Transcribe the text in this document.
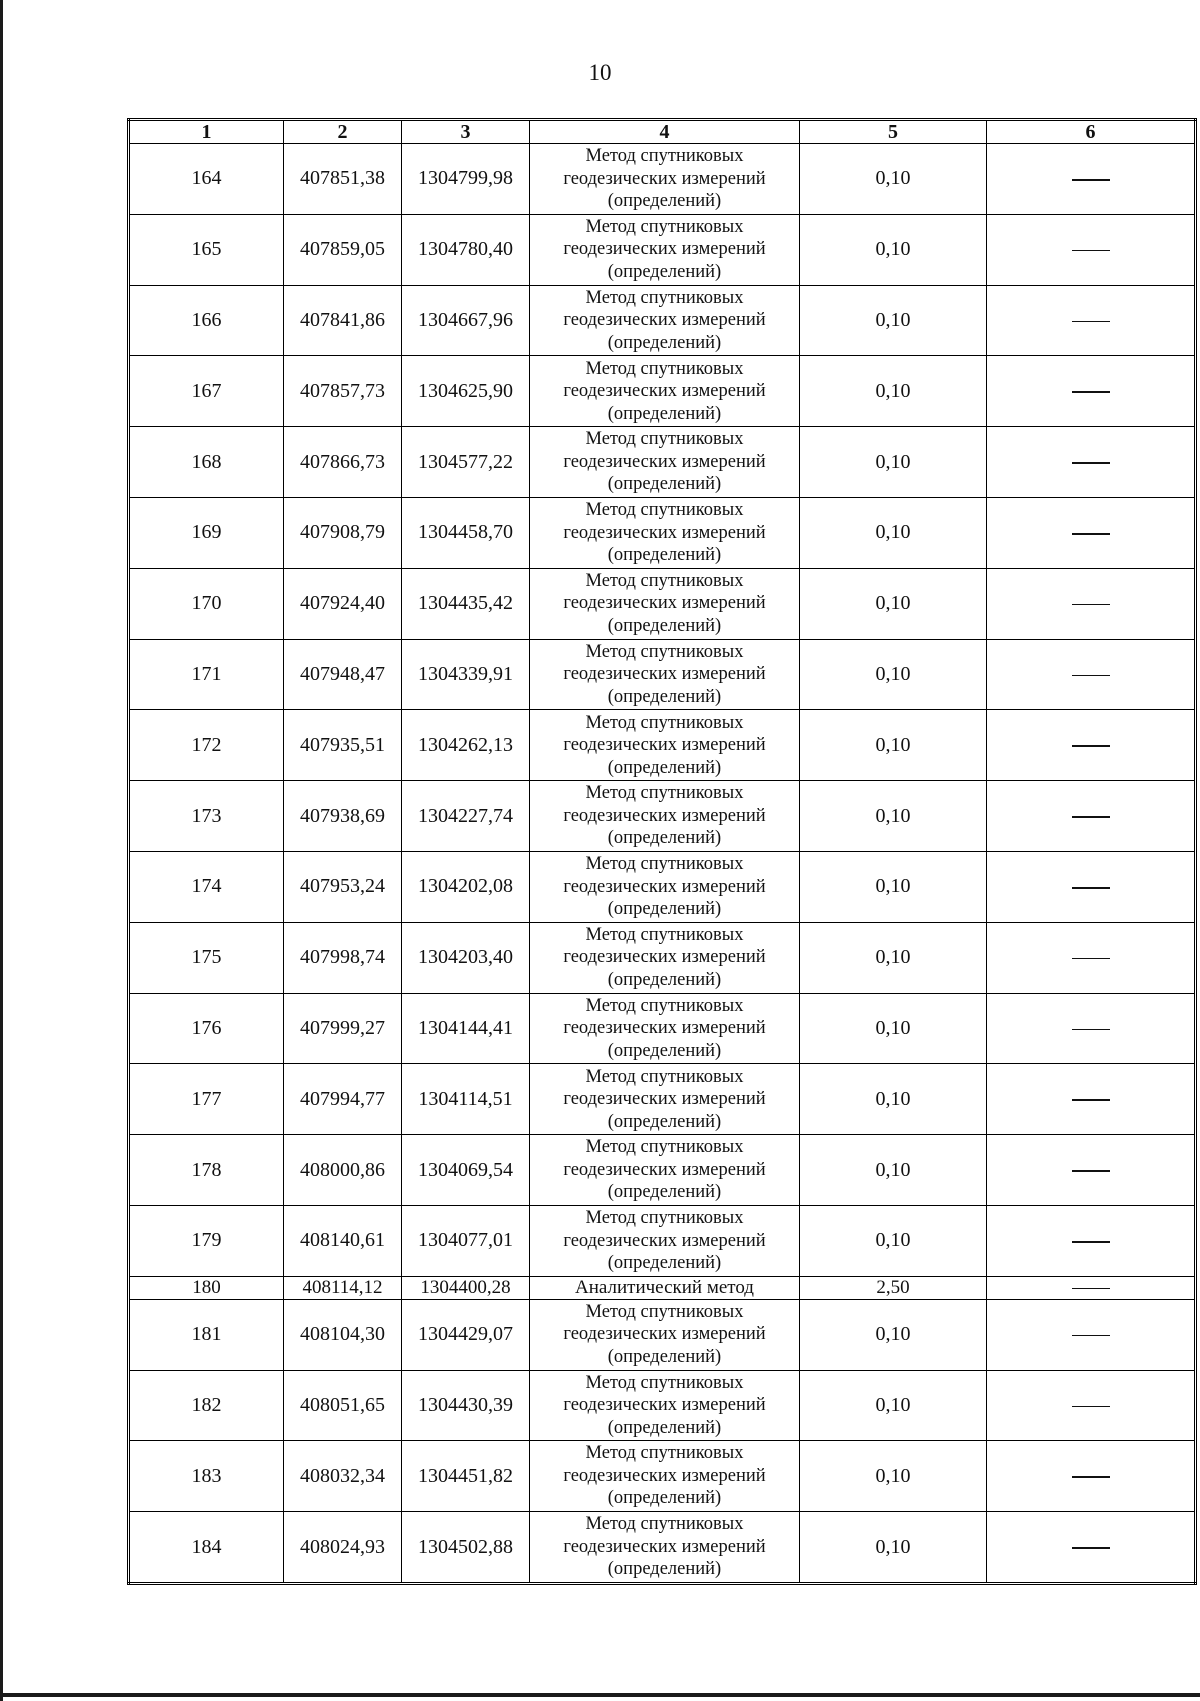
10
1	2	3	4	5	6
164	407851,38	1304799,98	Метод спутниковых геодезических измерений (определений)	0,10	
165	407859,05	1304780,40	Метод спутниковых геодезических измерений (определений)	0,10	
166	407841,86	1304667,96	Метод спутниковых геодезических измерений (определений)	0,10	
167	407857,73	1304625,90	Метод спутниковых геодезических измерений (определений)	0,10	
168	407866,73	1304577,22	Метод спутниковых геодезических измерений (определений)	0,10	
169	407908,79	1304458,70	Метод спутниковых геодезических измерений (определений)	0,10	
170	407924,40	1304435,42	Метод спутниковых геодезических измерений (определений)	0,10	
171	407948,47	1304339,91	Метод спутниковых геодезических измерений (определений)	0,10	
172	407935,51	1304262,13	Метод спутниковых геодезических измерений (определений)	0,10	
173	407938,69	1304227,74	Метод спутниковых геодезических измерений (определений)	0,10	
174	407953,24	1304202,08	Метод спутниковых геодезических измерений (определений)	0,10	
175	407998,74	1304203,40	Метод спутниковых геодезических измерений (определений)	0,10	
176	407999,27	1304144,41	Метод спутниковых геодезических измерений (определений)	0,10	
177	407994,77	1304114,51	Метод спутниковых геодезических измерений (определений)	0,10	
178	408000,86	1304069,54	Метод спутниковых геодезических измерений (определений)	0,10	
179	408140,61	1304077,01	Метод спутниковых геодезических измерений (определений)	0,10	
180	408114,12	1304400,28	Аналитический метод	2,50	
181	408104,30	1304429,07	Метод спутниковых геодезических измерений (определений)	0,10	
182	408051,65	1304430,39	Метод спутниковых геодезических измерений (определений)	0,10	
183	408032,34	1304451,82	Метод спутниковых геодезических измерений (определений)	0,10	
184	408024,93	1304502,88	Метод спутниковых геодезических измерений (определений)	0,10	
